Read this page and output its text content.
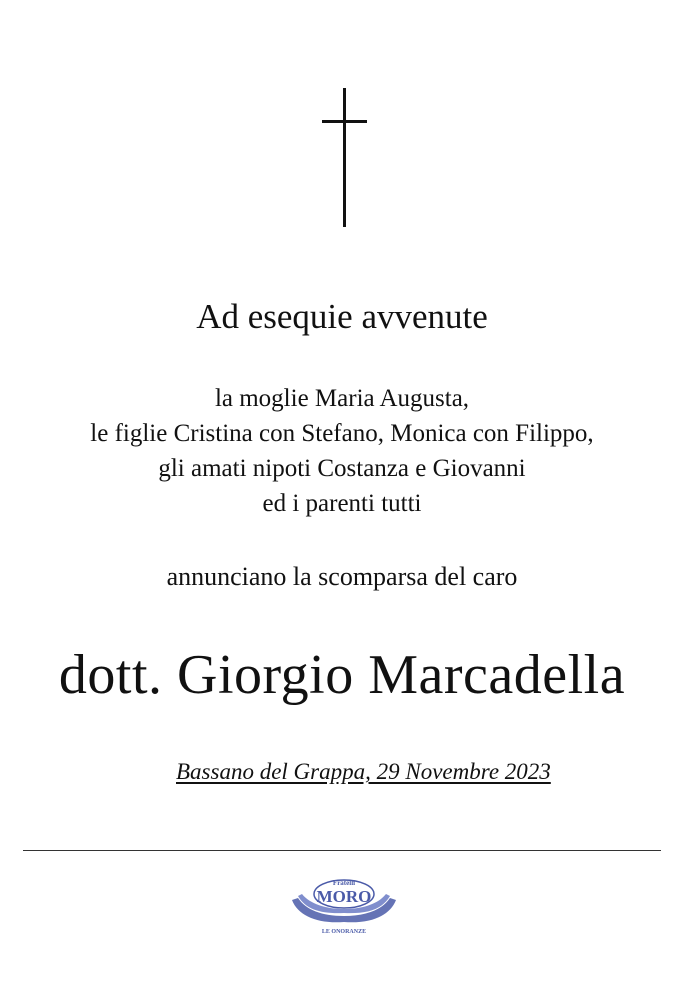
Ad esequie avvenute
la moglie Maria Augusta,
le figlie Cristina con Stefano, Monica con Filippo,
gli amati nipoti Costanza e Giovanni
ed i parenti tutti
annunciano la scomparsa del caro
dott. Giorgio Marcadella
Bassano del Grappa, 29 Novembre 2023
Fratelli
MORO
LE ONORANZE
